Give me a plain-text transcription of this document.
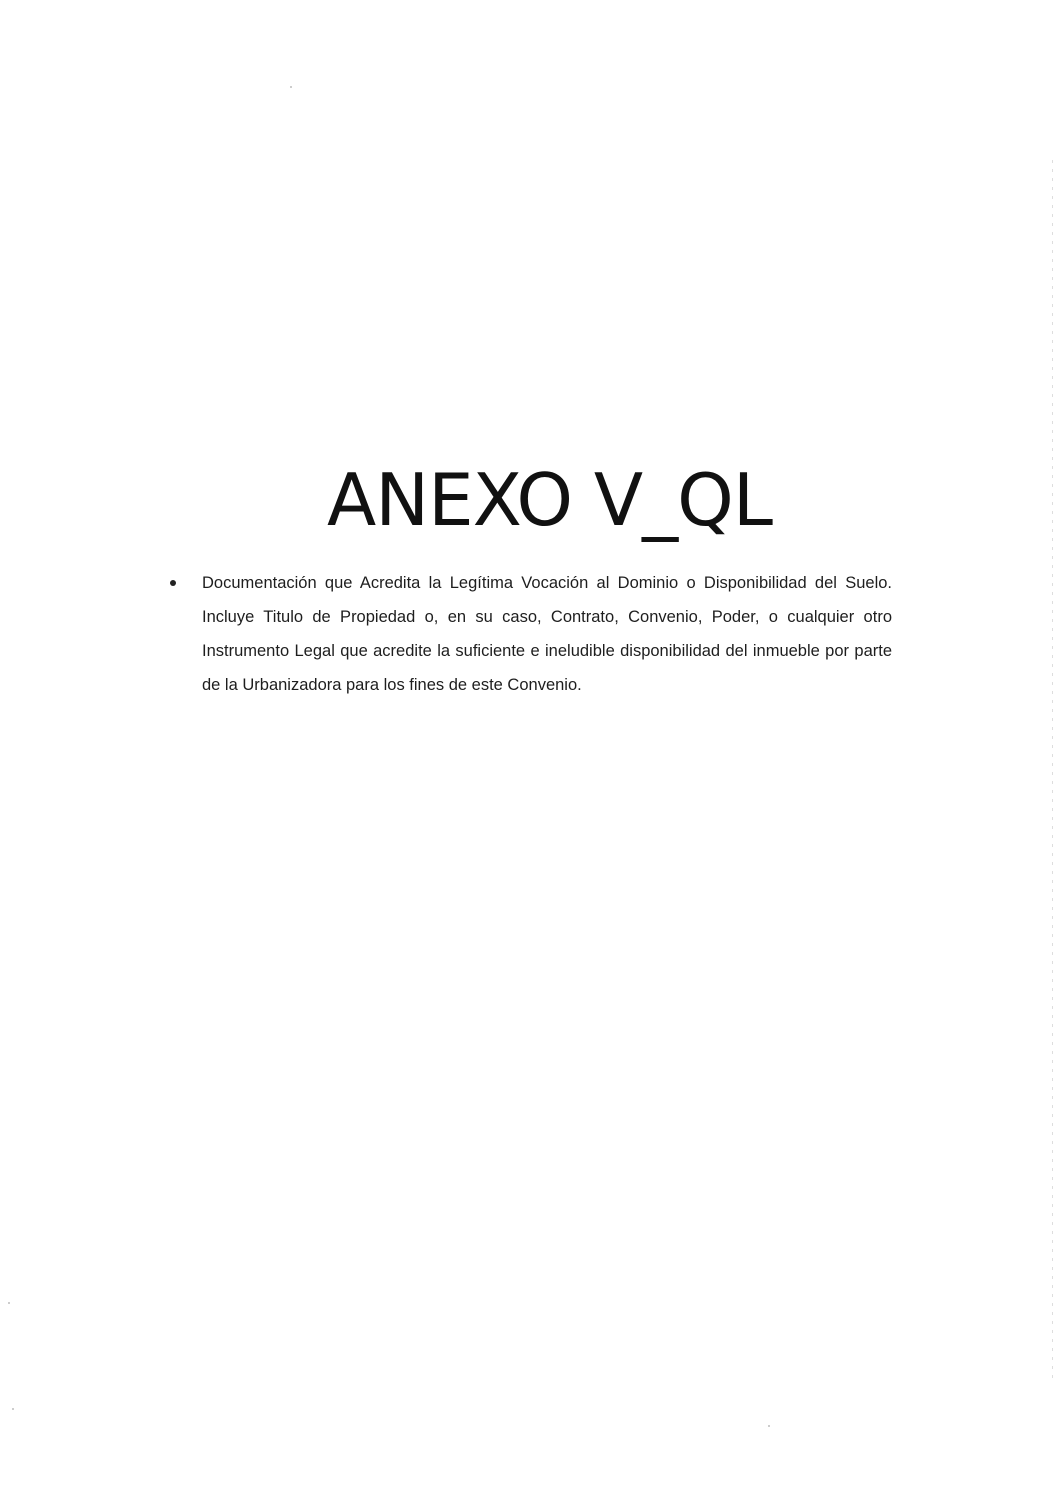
ANEXO V_QL

Documentación que Acredita la Legítima Vocación al Dominio o Disponibilidad del Suelo. Incluye Titulo de Propiedad o, en su caso, Contrato, Convenio, Poder, o cualquier otro Instrumento Legal que acredite la suficiente e ineludible disponibilidad del inmueble por parte de la Urbanizadora para los fines de este Convenio.
